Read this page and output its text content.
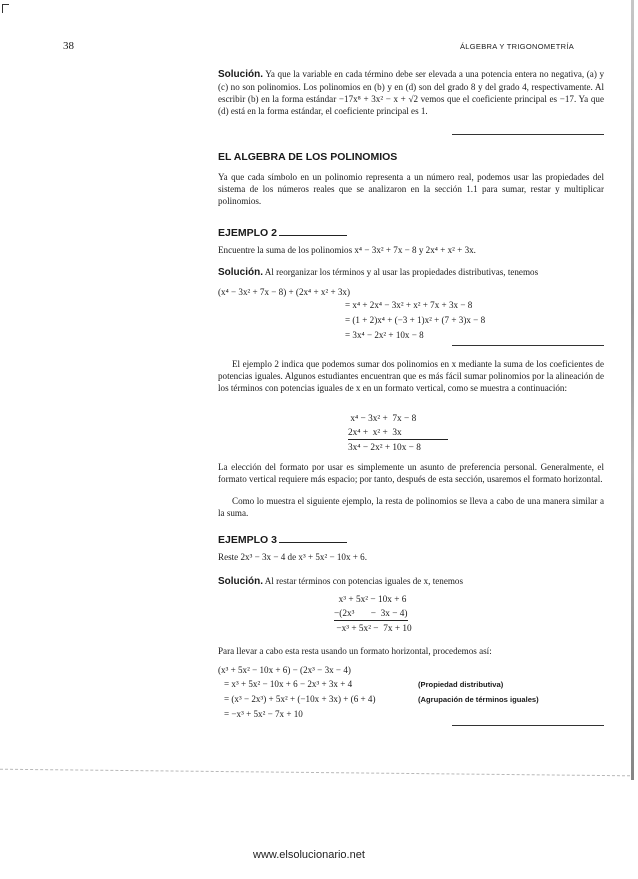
38	ÁLGEBRA Y TRIGONOMETRÍA
Solución. Ya que la variable en cada término debe ser elevada a una potencia entera no negativa, (a) y (c) no son polinomios. Los polinomios en (b) y en (d) son del grado 8 y del grado 4, respectivamente. Al escribir (b) en la forma estándar −17x⁸ + 3x² − x + √2 vemos que el coeficiente principal es −17. Ya que (d) está en la forma estándar, el coeficiente principal es 1.
EL ALGEBRA DE LOS POLINOMIOS
Ya que cada símbolo en un polinomio representa a un número real, podemos usar las propiedades del sistema de los números reales que se analizaron en la sección 1.1 para sumar, restar y multiplicar polinomios.
EJEMPLO 2
Encuentre la suma de los polinomios x⁴ − 3x² + 7x − 8 y 2x⁴ + x² + 3x.
Solución. Al reorganizar los términos y al usar las propiedades distributivas, tenemos
(x⁴ − 3x² + 7x − 8) + (2x⁴ + x² + 3x)
= x⁴ + 2x⁴ − 3x² + x² + 7x + 3x − 8
= (1 + 2)x⁴ + (−3 + 1)x² + (7 + 3)x − 8
= 3x⁴ − 2x² + 10x − 8
El ejemplo 2 indica que podemos sumar dos polinomios en x mediante la suma de los coeficientes de potencias iguales. Algunos estudiantes encuentran que es más fácil sumar polinomios por la alineación de los términos con potencias iguales de x en un formato vertical, como se muestra a continuación:
x⁴ − 3x² +  7x − 8
2x⁴ +  x² +  3x
3x⁴ − 2x² + 10x − 8
La elección del formato por usar es simplemente un asunto de preferencia personal. Generalmente, el formato vertical requiere más espacio; por tanto, después de esta sección, usaremos el formato horizontal.
Como lo muestra el siguiente ejemplo, la resta de polinomios se lleva a cabo de una manera similar a la suma.
EJEMPLO 3
Reste 2x³ − 3x − 4 de x³ + 5x² − 10x + 6.
Solución. Al restar términos con potencias iguales de x, tenemos
x³ + 5x² − 10x + 6
−(2x³       −  3x − 4)
−x³ + 5x² −  7x + 10
Para llevar a cabo esta resta usando un formato horizontal, procedemos así:
(x³ + 5x² − 10x + 6) − (2x³ − 3x − 4)
= x³ + 5x² − 10x + 6 − 2x³ + 3x + 4	(Propiedad distributiva)
= (x³ − 2x³) + 5x² + (−10x + 3x) + (6 + 4)	(Agrupación de términos iguales)
= −x³ + 5x² − 7x + 10
www.elsolucionario.net
